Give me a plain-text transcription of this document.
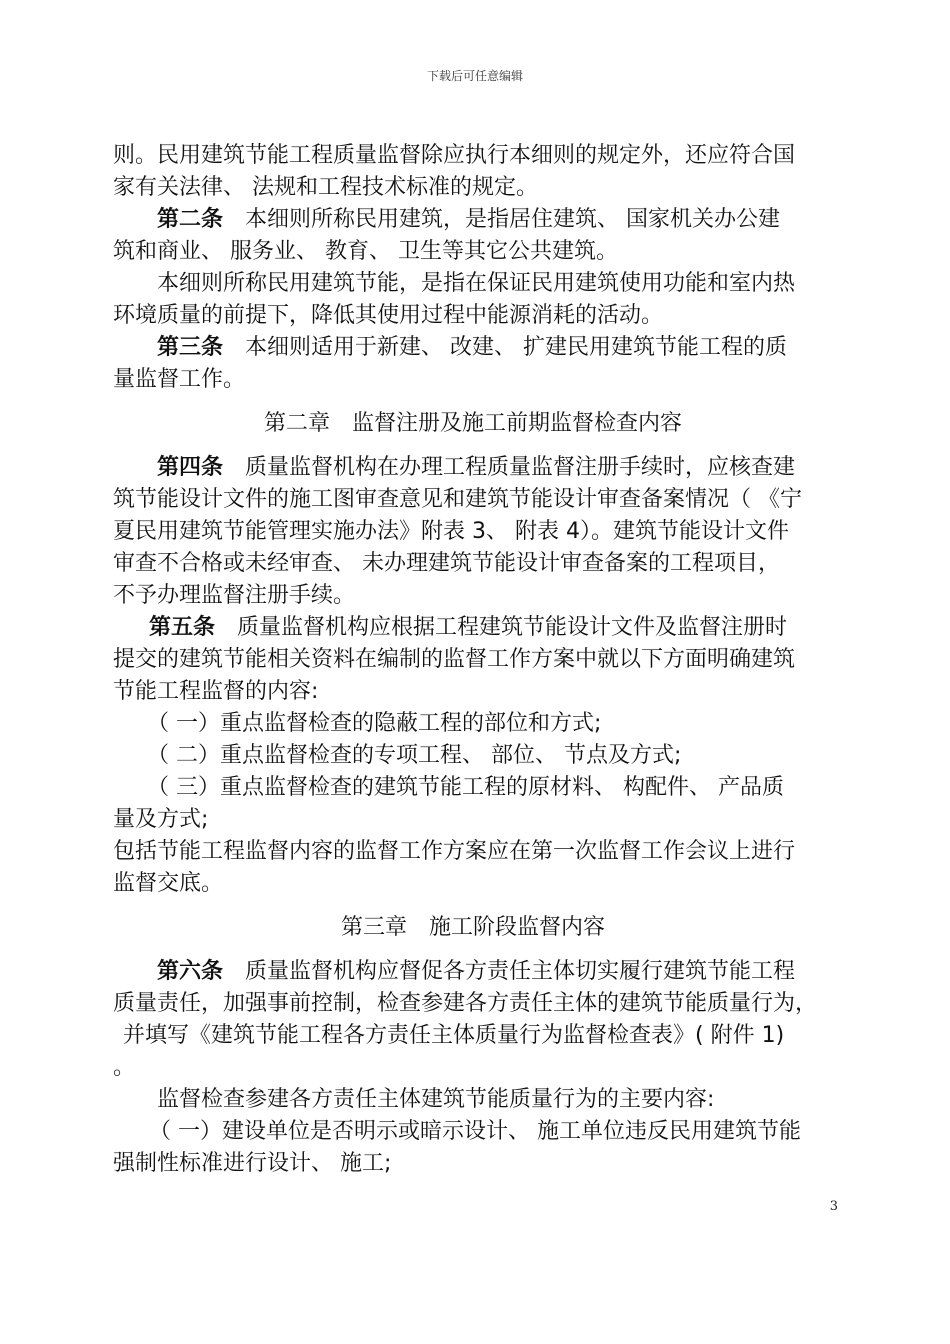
下载后可任意编辑
则。民用建筑节能工程质量监督除应执行本细则的规定外，还应符合国
家有关法律、 法规和工程技术标准的规定。
第二条　本细则所称民用建筑，是指居住建筑、 国家机关办公建
筑和商业、 服务业、 教育、 卫生等其它公共建筑。
本细则所称民用建筑节能，是指在保证民用建筑使用功能和室内热
环境质量的前提下，降低其使用过程中能源消耗的活动。
第三条　本细则适用于新建、 改建、 扩建民用建筑节能工程的质
量监督工作。
第二章　监督注册及施工前期监督检查内容
第四条　质量监督机构在办理工程质量监督注册手续时，应核查建
筑节能设计文件的施工图审查意见和建筑节能设计审查备案情况（ 《宁
夏民用建筑节能管理实施办法》附表 3、 附表 4）。建筑节能设计文件
审查不合格或未经审查、 未办理建筑节能设计审查备案的工程项目，
不予办理监督注册手续。
第五条　质量监督机构应根据工程建筑节能设计文件及监督注册时
提交的建筑节能相关资料在编制的监督工作方案中就以下方面明确建筑
节能工程监督的内容:
（ 一）重点监督检查的隐蔽工程的部位和方式;
（ 二）重点监督检查的专项工程、 部位、 节点及方式;
（ 三）重点监督检查的建筑节能工程的原材料、 构配件、 产品质
量及方式;
包括节能工程监督内容的监督工作方案应在第一次监督工作会议上进行
监督交底。
第三章　施工阶段监督内容
第六条　质量监督机构应督促各方责任主体切实履行建筑节能工程
质量责任，加强事前控制，检查参建各方责任主体的建筑节能质量行为，
并填写《建筑节能工程各方责任主体质量行为监督检查表》( 附件 1)
。
监督检查参建各方责任主体建筑节能质量行为的主要内容:
（ 一）建设单位是否明示或暗示设计、 施工单位违反民用建筑节能
强制性标准进行设计、 施工;
3
